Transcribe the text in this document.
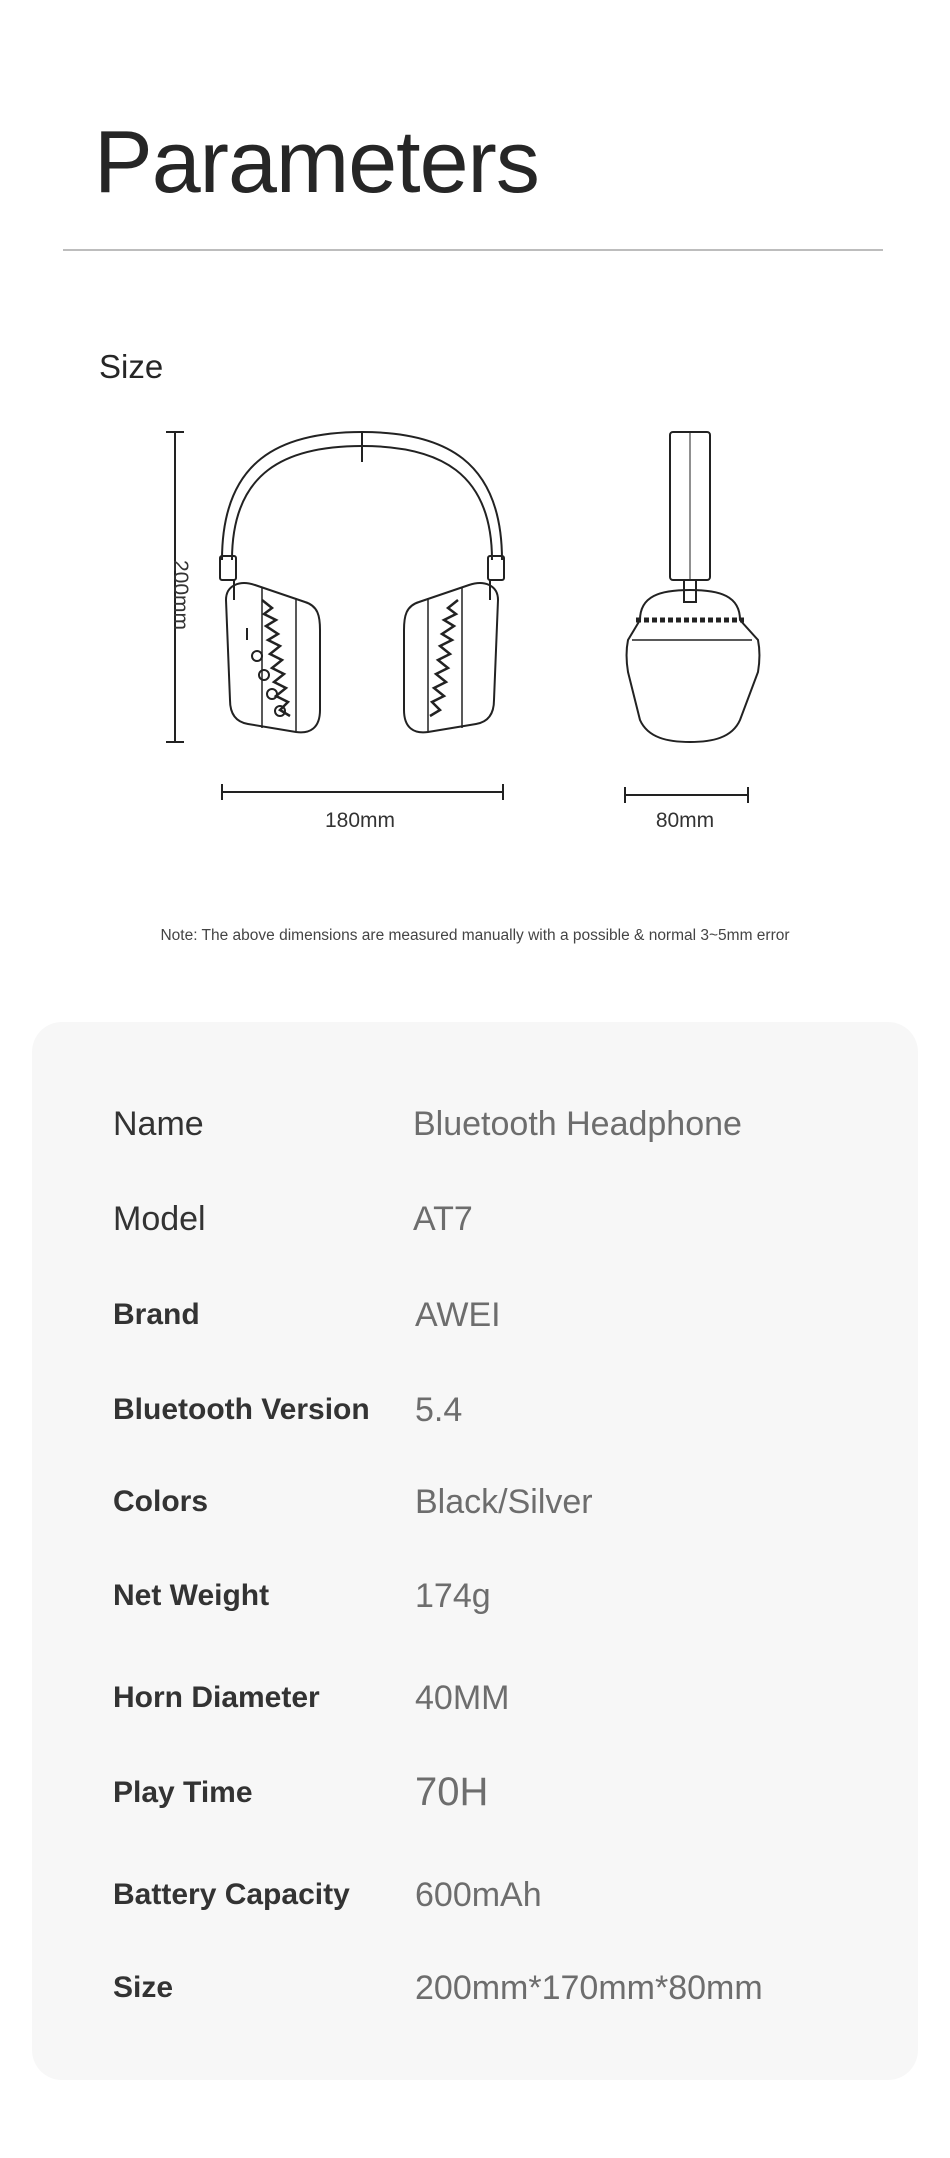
Parameters
Size
200mm
180mm	80mm
Note: The above dimensions are measured manually with a possible & normal 3~5mm error
Name	Bluetooth Headphone
Model	AT7
Brand	AWEI
Bluetooth Version 5.4
Colors	Black/Silver
Net Weight	174g
Horn Diameter	40MM
Play Time	70H
Battery Capacity 600mAh
Size	200mm*170mm*80mm
